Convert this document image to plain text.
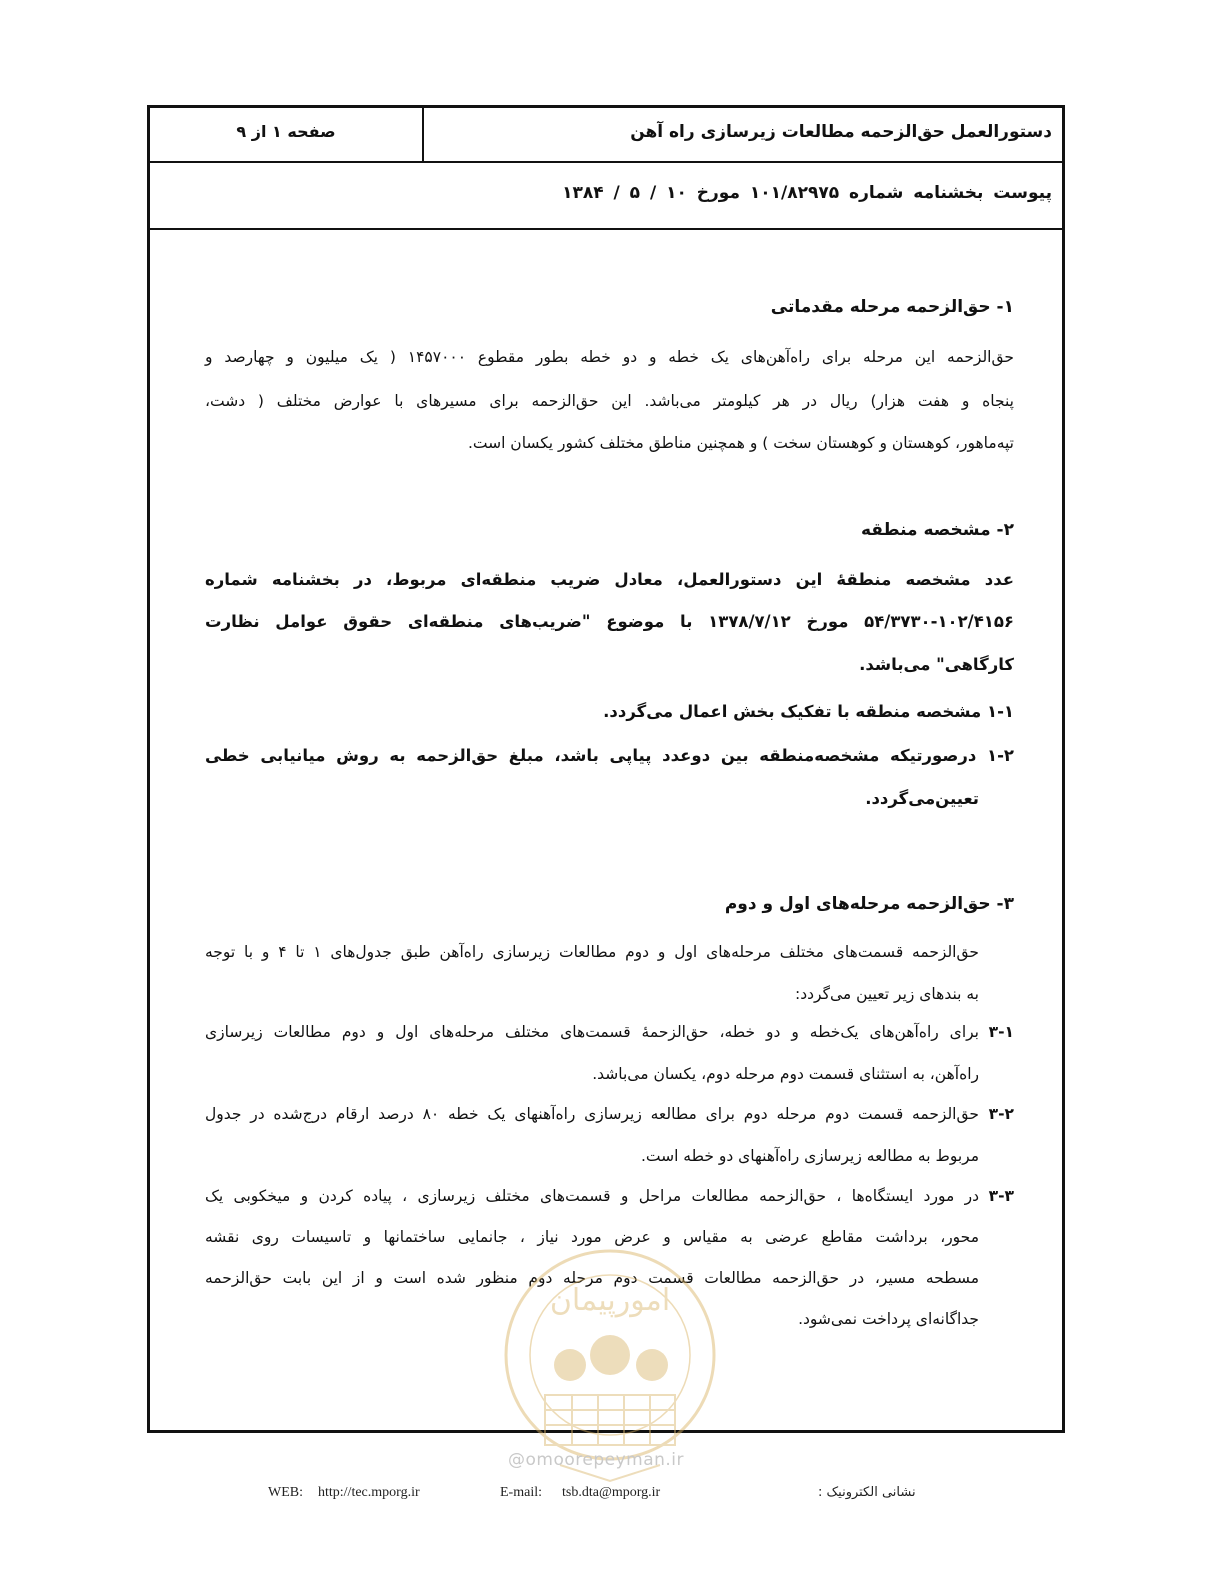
دستورالعمل حق‌الزحمه مطالعات زیرسازی راه آهن
صفحه ۱ از ۹
پیوست بخشنامه شماره ۱۰۱/۸۲۹۷۵ مورخ ۱۰ / ۵ / ۱۳۸۴
۱- حق‌الزحمه مرحله مقدماتی
حق‌الزحمه این مرحله برای راه‌آهن‌های یک خطه و دو خطه بطور مقطوع ۱۴۵۷۰۰۰ ( یک میلیون و چهارصد و
پنجاه و هفت هزار) ریال در هر کیلومتر می‌باشد. این حق‌الزحمه برای مسیرهای با عوارض مختلف ( دشت،
تپه‌ماهور، کوهستان و کوهستان سخت ) و همچنین مناطق مختلف کشور یکسان است.
۲- مشخصه منطقه
عدد مشخصه منطقهٔ این دستورالعمل، معادل ضریب منطقه‌ای مربوط، در بخشنامه شماره
۵۴/۳۷۳۰-۱۰۲/۴۱۵۶ مورخ ۱۳۷۸/۷/۱۲ با موضوع "ضریب‌های منطقه‌ای حقوق عوامل نظارت
کارگاهی" می‌باشد.
۱-۱ مشخصه منطقه با تفکیک بخش اعمال می‌گردد.
۱-۲ درصورتیکه مشخصه‌منطقه بین دوعدد پیاپی باشد، مبلغ حق‌الزحمه به روش میانیابی خطی
تعیین‌می‌گردد.
۳- حق‌الزحمه مرحله‌های اول و دوم
حق‌الزحمه قسمت‌های مختلف مرحله‌های اول و دوم مطالعات زیرسازی راه‌آهن طبق جدول‌های ۱ تا ۴ و با توجه
به بندهای زیر تعیین می‌گردد:
۳-۱
برای راه‌آهن‌های یک‌خطه و دو خطه، حق‌الزحمهٔ قسمت‌های مختلف مرحله‌های اول و دوم مطالعات زیرسازی
راه‌آهن، به استثنای قسمت دوم مرحله دوم، یکسان می‌باشد.
۳-۲
حق‌الزحمه قسمت دوم مرحله دوم برای مطالعه زیرسازی راه‌آهنهای یک خطه ۸۰ درصد ارقام درج‌شده در جدول
مربوط به مطالعه زیرسازی راه‌آهنهای دو خطه است.
۳-۳
در مورد ایستگاه‌ها ، حق‌الزحمه مطالعات مراحل و قسمت‌های مختلف زیرسازی ، پیاده کردن و میخکوبی یک
محور، برداشت مقاطع عرضی به مقیاس و عرض مورد نیاز ، جانمایی ساختمانها و تاسیسات روی نقشه
مسطحه مسیر، در حق‌الزحمه مطالعات قسمت دوم مرحله دوم منظور شده است و از این بابت حق‌الزحمه
جداگانه‌ای پرداخت نمی‌شود.
امورپیمان
@omoorepeyman.ir
WEB: http://tec.mporg.ir	E-mail: tsb.dta@mporg.ir	نشانی الکترونیک :
